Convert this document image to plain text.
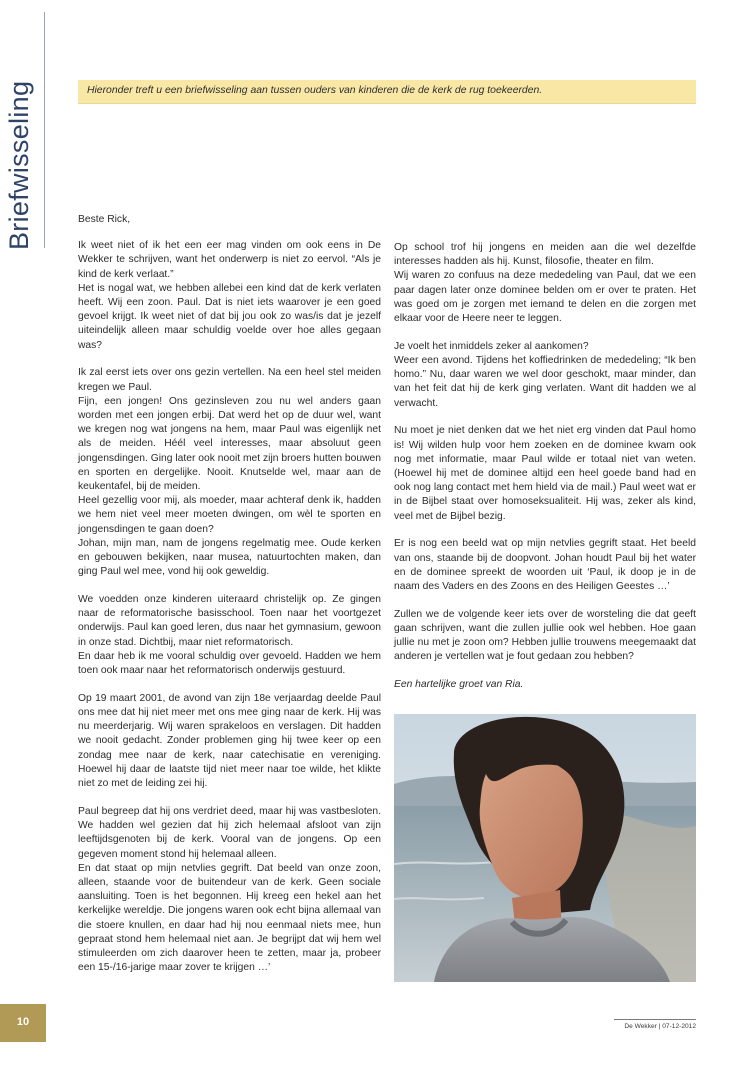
Briefwisseling	Hieronder treft u een briefwisseling aan tussen ouders van kinderen die de kerk de rug toekeerden.

Beste Rick,

Ik weet niet of ik het een eer mag vinden om ook eens in De Wekker te schrijven, want het onderwerp is niet zo eervol. “Als je kind de kerk verlaat.”

Het is nogal wat, we hebben allebei een kind dat de kerk verlaten heeft. Wij een zoon. Paul. Dat is niet iets waarover je een goed gevoel krijgt. Ik weet niet of dat bij jou ook zo was/is dat je jezelf uiteindelijk alleen maar schuldig voelde over hoe alles gegaan was?

Ik zal eerst iets over ons gezin vertellen. Na een heel stel meiden kregen we Paul.

Fijn, een jongen! Ons gezinsleven zou nu wel anders gaan worden met een jongen erbij. Dat werd het op de duur wel, want we kregen nog wat jongens na hem, maar Paul was eigenlijk net als de meiden. Héél veel interesses, maar absoluut geen jongensdingen. Ging later ook nooit met zijn broers hutten bouwen en sporten en dergelijke. Nooit. Knutselde wel, maar aan de keukentafel, bij de meiden.

Heel gezellig voor mij, als moeder, maar achteraf denk ik, hadden we hem niet veel meer moeten dwingen, om wèl te sporten en jongensdingen te gaan doen?

Johan, mijn man, nam de jongens regelmatig mee. Oude kerken en gebouwen bekijken, naar musea, natuurtochten maken, dan ging Paul wel mee, vond hij ook geweldig.

We voedden onze kinderen uiteraard christelijk op. Ze gingen naar de reformatorische basisschool. Toen naar het voortgezet onderwijs. Paul kan goed leren, dus naar het gymnasium, gewoon in onze stad. Dichtbij, maar niet reformatorisch.

En daar heb ik me vooral schuldig over gevoeld. Hadden we hem toen ook maar naar het reformatorisch onderwijs gestuurd.

Op 19 maart 2001, de avond van zijn 18e verjaardag deelde Paul ons mee dat hij niet meer met ons mee ging naar de kerk. Hij was nu meerderjarig. Wij waren sprakeloos en verslagen. Dit hadden we nooit gedacht. Zonder problemen ging hij twee keer op een zondag mee naar de kerk, naar catechisatie en vereniging. Hoewel hij daar de laatste tijd niet meer naar toe wilde, het klikte niet zo met de leiding zei hij.

Paul begreep dat hij ons verdriet deed, maar hij was vastbesloten. We hadden wel gezien dat hij zich helemaal afsloot van zijn leeftijdsgenoten bij de kerk. Vooral van de jongens. Op een gegeven moment stond hij helemaal alleen.

En dat staat op mijn netvlies gegrift. Dat beeld van onze zoon, alleen, staande voor de buitendeur van de kerk. Geen sociale aansluiting. Toen is het begonnen. Hij kreeg een hekel aan het kerkelijke wereldje. Die jongens waren ook echt bijna allemaal van die stoere knullen, en daar had hij nou eenmaal niets mee, hun gepraat stond hem helemaal niet aan. Je begrijpt dat wij hem wel stimuleerden om zich daarover heen te zetten, maar ja, probeer een 15-/16-jarige maar zover te krijgen …’

Op school trof hij jongens en meiden aan die wel dezelfde interesses hadden als hij. Kunst, filosofie, theater en film.

Wij waren zo confuus na deze mededeling van Paul, dat we een paar dagen later onze dominee belden om er over te praten. Het was goed om je zorgen met iemand te delen en die zorgen met elkaar voor de Heere neer te leggen.

Je voelt het inmiddels zeker al aankomen?

Weer een avond. Tijdens het koffiedrinken de mededeling; “Ik ben homo.” Nu, daar waren we wel door geschokt, maar minder, dan van het feit dat hij de kerk ging verlaten. Want dit hadden we al verwacht.

Nu moet je niet denken dat we het niet erg vinden dat Paul homo is! Wij wilden hulp voor hem zoeken en de dominee kwam ook nog met informatie, maar Paul wilde er totaal niet van weten. (Hoewel hij met de dominee altijd een heel goede band had en ook nog lang contact met hem hield via de mail.) Paul weet wat er in de Bijbel staat over homoseksualiteit. Hij was, zeker als kind, veel met de Bijbel bezig.

Er is nog een beeld wat op mijn netvlies gegrift staat. Het beeld van ons, staande bij de doopvont. Johan houdt Paul bij het water en de dominee spreekt de woorden uit ‘Paul, ik doop je in de naam des Vaders en des Zoons en des Heiligen Geestes …’

Zullen we de volgende keer iets over de worsteling die dat geeft gaan schrijven, want die zullen jullie ook wel hebben. Hoe gaan jullie nu met je zoon om? Hebben jullie trouwens meegemaakt dat anderen je vertellen wat je fout gedaan zou hebben?

Een hartelijke groet van Ria.

10	De Wekker | 07-12-2012
